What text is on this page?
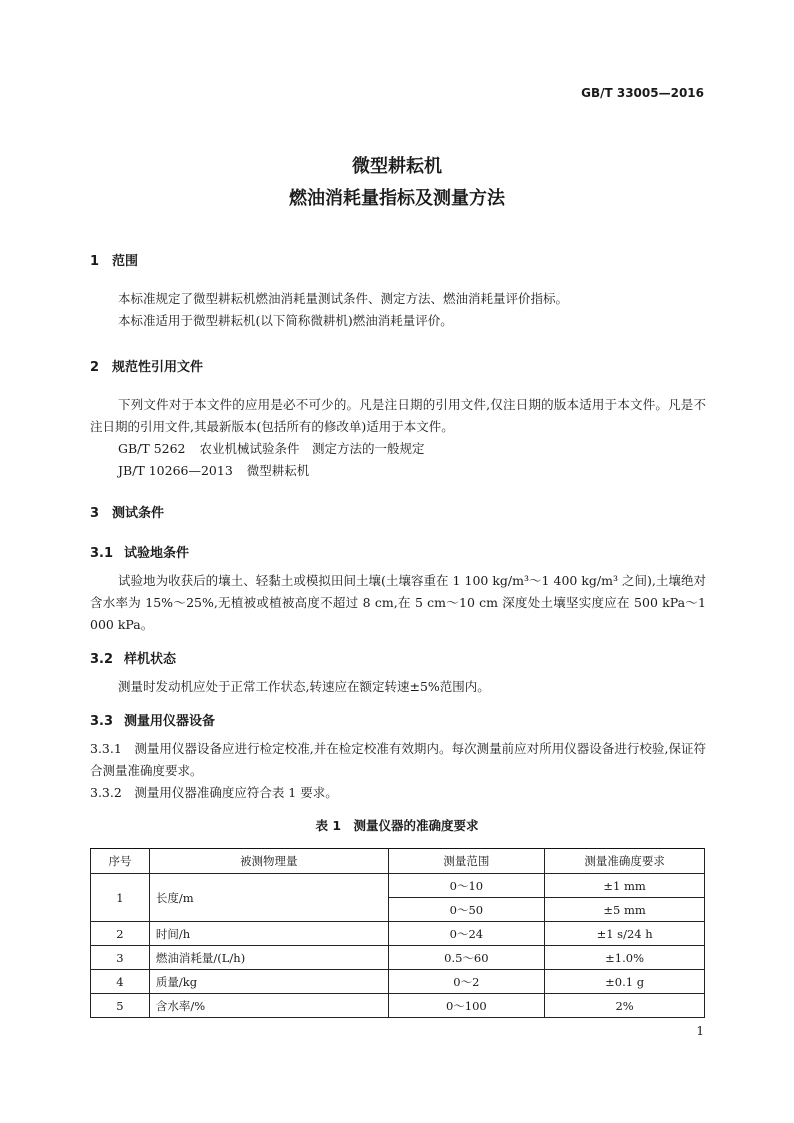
GB/T 33005—2016
微型耕耘机
燃油消耗量指标及测量方法
1 范围
本标准规定了微型耕耘机燃油消耗量测试条件、测定方法、燃油消耗量评价指标。
本标准适用于微型耕耘机(以下简称微耕机)燃油消耗量评价。
2 规范性引用文件
下列文件对于本文件的应用是必不可少的。凡是注日期的引用文件,仅注日期的版本适用于本文件。凡是不注日期的引用文件,其最新版本(包括所有的修改单)适用于本文件。
GB/T 5262 农业机械试验条件　测定方法的一般规定
JB/T 10266—2013 微型耕耘机
3 测试条件
3.1 试验地条件
试验地为收获后的壤土、轻黏土或模拟田间土壤(土壤容重在 1 100 kg/m³～1 400 kg/m³ 之间),土壤绝对含水率为 15%～25%,无植被或植被高度不超过 8 cm,在 5 cm～10 cm 深度处土壤坚实度应在 500 kPa～1 000 kPa。
3.2 样机状态
测量时发动机应处于正常工作状态,转速应在额定转速±5%范围内。
3.3 测量用仪器设备
3.3.1　 测量用仪器设备应进行检定校准,并在检定校准有效期内。每次测量前应对所用仪器设备进行校验,保证符合测量准确度要求。
3.3.2　 测量用仪器准确度应符合表 1 要求。
表 1　测量仪器的准确度要求
序号	被测物理量	测量范围	测量准确度要求
1	长度/m	0～10	±1 mm
		0～50	±5 mm
2	时间/h	0～24	±1 s/24 h
3	燃油消耗量/(L/h)	0.5～60	±1.0%
4	质量/kg	0～2	±0.1 g
5	含水率/%	0～100	2%
1
